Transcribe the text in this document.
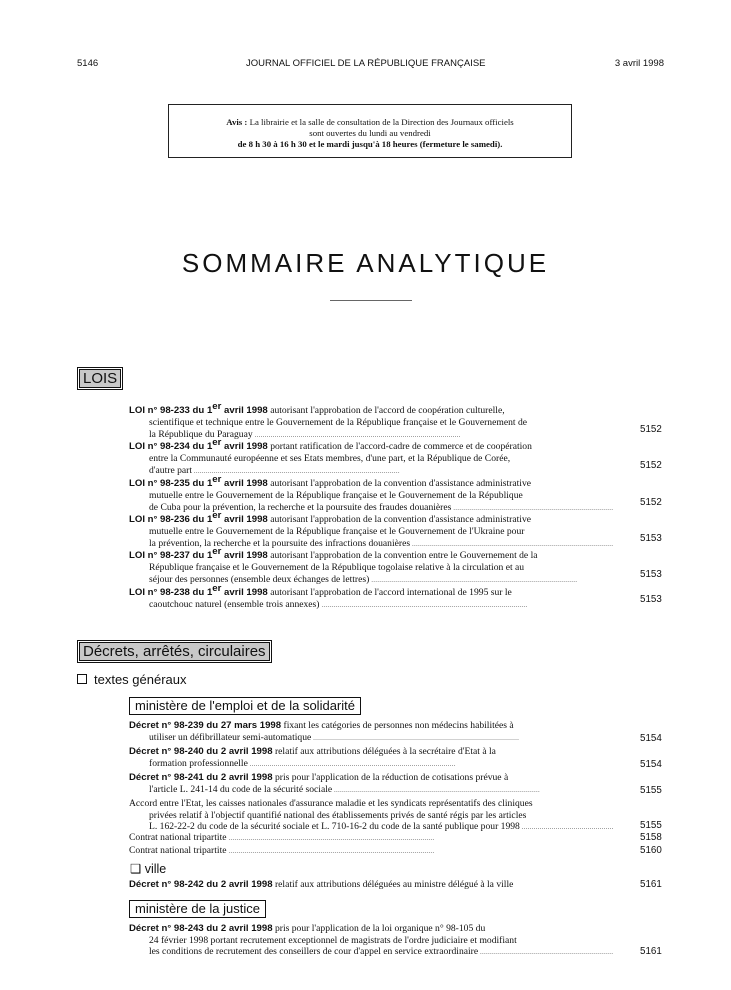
5146	JOURNAL OFFICIEL DE LA RÉPUBLIQUE FRANÇAISE	3 avril 1998
Avis : La librairie et la salle de consultation de la Direction des Journaux officiels
sont ouvertes du lundi au vendredi
de 8 h 30 à 16 h 30 et le mardi jusqu'à 18 heures (fermeture le samedi).
SOMMAIRE ANALYTIQUE
LOIS
LOI n° 98-233 du 1er avril 1998 autorisant l'approbation de l'accord de coopération culturelle,
scientifique et technique entre le Gouvernement de la République française et le Gouvernement de
la République du Paraguay . . .	5152
LOI n° 98-234 du 1er avril 1998 portant ratification de l'accord-cadre de commerce et de coopération
entre la Communauté européenne et ses Etats membres, d'une part, et la République de Corée,
d'autre part . . .	5152
LOI n° 98-235 du 1er avril 1998 autorisant l'approbation de la convention d'assistance administrative
mutuelle entre le Gouvernement de la République française et le Gouvernement de la République
de Cuba pour la prévention, la recherche et la poursuite des fraudes douanières . . .	5152
LOI n° 98-236 du 1er avril 1998 autorisant l'approbation de la convention d'assistance administrative
mutuelle entre le Gouvernement de la République française et le Gouvernement de l'Ukraine pour
la prévention, la recherche et la poursuite des infractions douanières . . .	5153
LOI n° 98-237 du 1er avril 1998 autorisant l'approbation de la convention entre le Gouvernement de la
République française et le Gouvernement de la République togolaise relative à la circulation et au
séjour des personnes (ensemble deux échanges de lettres) . . .	5153
LOI n° 98-238 du 1er avril 1998 autorisant l'approbation de l'accord international de 1995 sur le
caoutchouc naturel (ensemble trois annexes) . . .	5153
Décrets, arrêtés, circulaires
textes généraux
ministère de l'emploi et de la solidarité
Décret n° 98-239 du 27 mars 1998 fixant les catégories de personnes non médecins habilitées à
utiliser un défibrillateur semi-automatique . . .	5154
Décret n° 98-240 du 2 avril 1998 relatif aux attributions déléguées à la secrétaire d'Etat à la
formation professionnelle . . .	5154
Décret n° 98-241 du 2 avril 1998 pris pour l'application de la réduction de cotisations prévue à
l'article L. 241-14 du code de la sécurité sociale . . .	5155
Accord entre l'Etat, les caisses nationales d'assurance maladie et les syndicats représentatifs des cliniques
privées relatif à l'objectif quantifié national des établissements privés de santé régis par les articles
L. 162-22-2 du code de la sécurité sociale et L. 710-16-2 du code de la santé publique pour 1998 . . .	5155
Contrat national tripartite . . .	5158
Contrat national tripartite . . .	5160
❑ ville
Décret n° 98-242 du 2 avril 1998 relatif aux attributions déléguées au ministre délégué à la ville	5161
ministère de la justice
Décret n° 98-243 du 2 avril 1998 pris pour l'application de la loi organique n° 98-105 du
24 février 1998 portant recrutement exceptionnel de magistrats de l'ordre judiciaire et modifiant
les conditions de recrutement des conseillers de cour d'appel en service extraordinaire . . .	5161
